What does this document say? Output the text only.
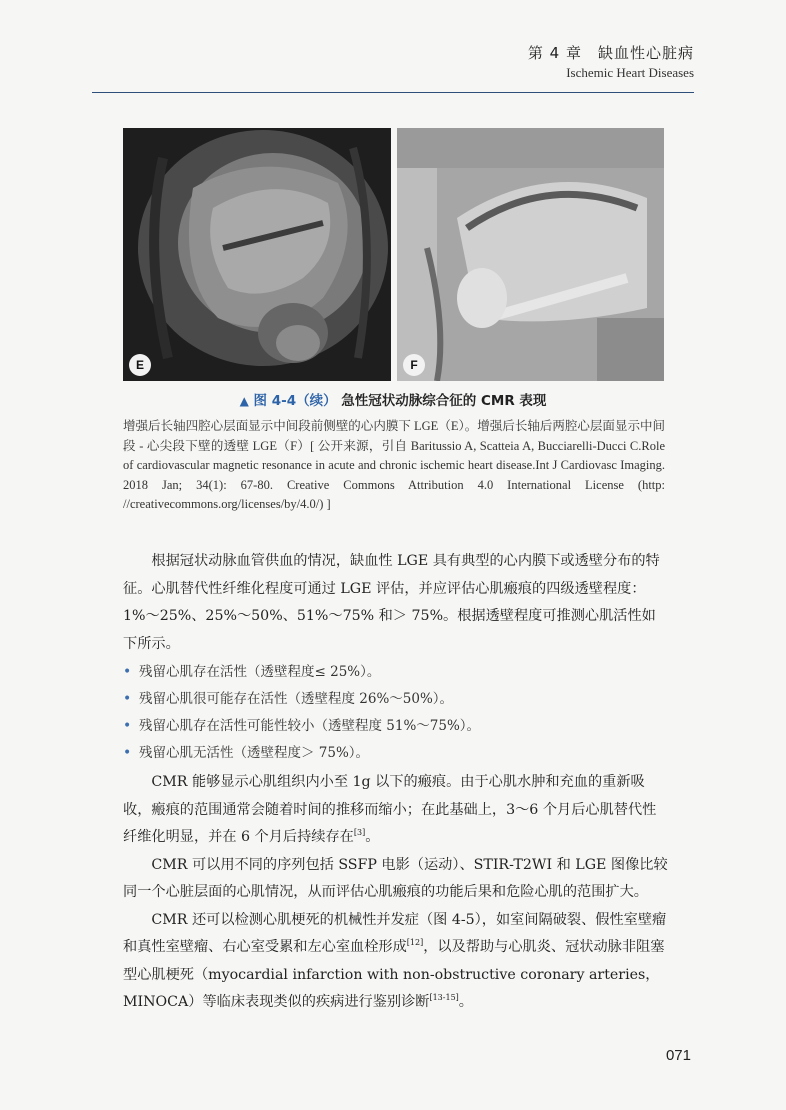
第 4 章　缺血性心脏病
Ischemic Heart Diseases
E	F
▲ 图 4-4（续） 急性冠状动脉综合征的 CMR 表现

增强后长轴四腔心层面显示中间段前侧壁的心内膜下 LGE（E）。增强后长轴后两腔心层面显示中间段 - 心尖段下壁的透壁 LGE（F）[ 公开来源，引自 Baritussio A, Scatteia A, Bucciarelli-Ducci C.Role of cardiovascular magnetic resonance in acute and chronic ischemic heart disease.Int J Cardiovasc Imaging. 2018 Jan; 34(1): 67-80. Creative Commons Attribution 4.0 International License (http: //creativecommons.org/licenses/by/4.0/) ]

　　根据冠状动脉血管供血的情况，缺血性 LGE 具有典型的心内膜下或透壁分布的特征。心肌替代性纤维化程度可通过 LGE 评估，并应评估心肌瘢痕的四级透壁程度：1%～25%、25%～50%、51%～75% 和＞ 75%。根据透壁程度可推测心肌活性如下所示。

• 残留心肌存在活性（透壁程度≤ 25%）。
• 残留心肌很可能存在活性（透壁程度 26%～50%）。
• 残留心肌存在活性可能性较小（透壁程度 51%～75%）。
• 残留心肌无活性（透壁程度＞ 75%）。

　　CMR 能够显示心肌组织内小至 1g 以下的瘢痕。由于心肌水肿和充血的重新吸收，瘢痕的范围通常会随着时间的推移而缩小；在此基础上，3～6 个月后心肌替代性纤维化明显，并在 6 个月后持续存在[3]。

　　CMR 可以用不同的序列包括 SSFP 电影（运动）、STIR-T2WI 和 LGE 图像比较同一个心脏层面的心肌情况，从而评估心肌瘢痕的功能后果和危险心肌的范围扩大。

　　CMR 还可以检测心肌梗死的机械性并发症（图 4-5），如室间隔破裂、假性室壁瘤和真性室壁瘤、右心室受累和左心室血栓形成[12]，以及帮助与心肌炎、冠状动脉非阻塞型心肌梗死（myocardial infarction with non-obstructive coronary arteries，MINOCA）等临床表现类似的疾病进行鉴别诊断[13-15]。

071
